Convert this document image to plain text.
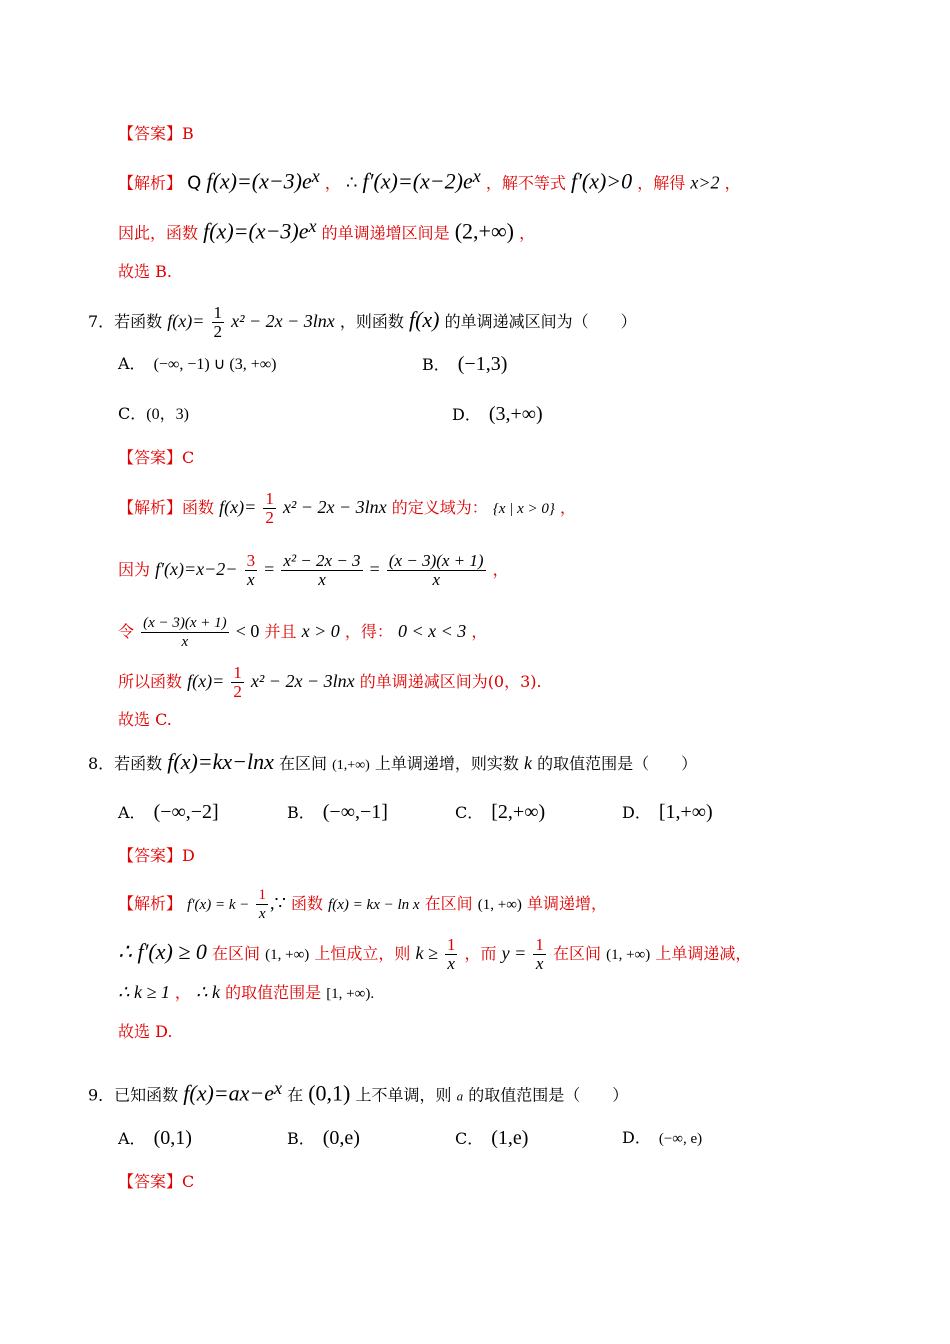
【答案】B
【解析】 Q $f(x)=(x-3)e^x$ ， ∴ $f'(x)=(x-2)e^x$ ，解不等式 f′(x)>0 ，解得 x>2 ，
因此，函数 $f(x)=(x-3)e^x$ 的单调递增区间是 (2,+∞) ，
故选 B.
7．若函数 $f(x)= \frac{1}{2} x^2 - 2x - 3\ln x$ ，则函数 f(x) 的单调递减区间为（　　）
A． (−∞, −1) ∪ (3, +∞)	B． (−1,3)
C．(0，3)	D． (3,+∞)
【答案】C
【解析】函数 $f(x)= \frac{1}{2} x^2 - 2x - 3\ln x$ 的定义域为： {x | x > 0} ，
因为 $f'(x)=x-2- \frac{3}{x} = \frac{\text{x² − 2x − 3}}{x} = \frac{(x - 3)(x + 1)}{x}$ ，
令 $\frac{(x - 3)(x + 1)}{x} < 0$ 并且 x > 0 ，得： 0 < x < 3 ，
所以函数 $f(x)= \frac{1}{2} x^2 - 2x - 3\ln x$ 的单调递减区间为(0，3).
故选 C.
8．若函数 f(x)=kx−lnx 在区间 (1,+∞) 上单调递增，则实数 k 的取值范围是（　　）
A． (−∞,−2]	B． (−∞,−1]	C． [2,+∞)	D． [1,+∞)
【答案】D
【解析】 $f'(x) = k - \frac{1}{x}$ ,∵ 函数 f(x) = kx − ln x 在区间 (1, +∞) 单调递增，
∴ f′(x) ≥ 0 在区间 (1, +∞) 上恒成立，则 $k \ge \frac{1}{x}$ ，而 $y = \frac{1}{x}$ 在区间 (1, +∞) 上单调递减，
∴ k ≥ 1 ， ∴ k 的取值范围是 [1, +∞).
故选 D.
9．已知函数 $f(x)=ax-e^x$ 在 (0,1) 上不单调，则 a 的取值范围是（　　）
A． (0,1)	B． (0,e)	C． (1,e)	D． (−∞, e)
【答案】C
